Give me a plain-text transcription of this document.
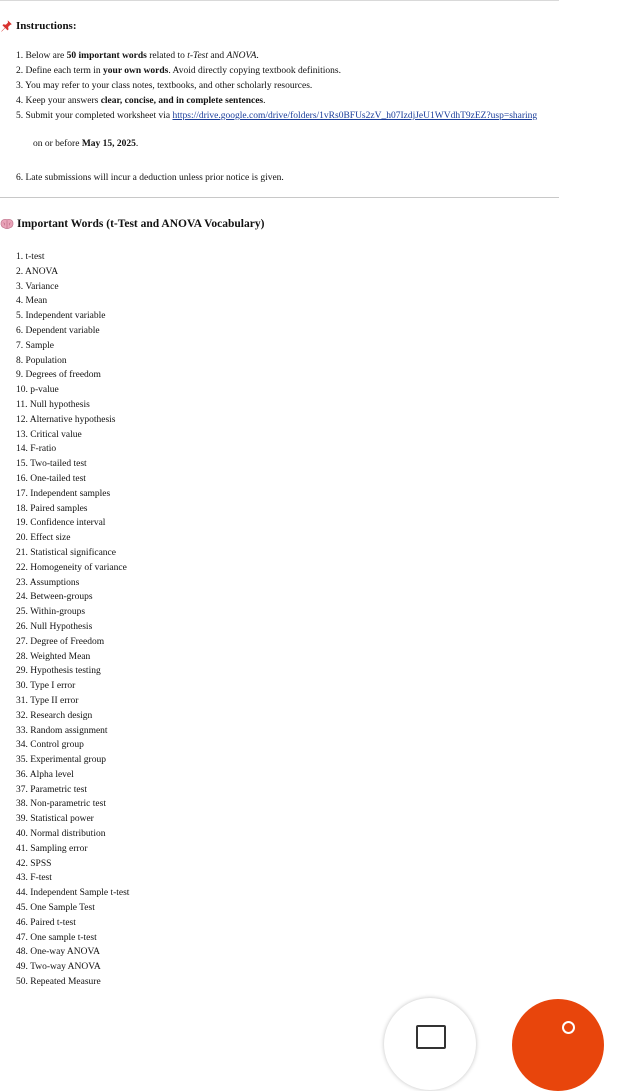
Instructions:
1. Below are 50 important words related to t-Test and ANOVA.
2. Define each term in your own words. Avoid directly copying textbook definitions.
3. You may refer to your class notes, textbooks, and other scholarly resources.
4. Keep your answers clear, concise, and in complete sentences.
5. Submit your completed worksheet via https://drive.google.com/drive/folders/1vRs0BFUs2zV_h07IzdjJeU1WVdhT9zEZ?usp=sharing
6. Late submissions will incur a deduction unless prior notice is given.
on or before May 15, 2025.
Important Words (t-Test and ANOVA Vocabulary)
1. t-test
2. ANOVA
3. Variance
4. Mean
5. Independent variable
6. Dependent variable
7. Sample
8. Population
9. Degrees of freedom
10. p-value
11. Null hypothesis
12. Alternative hypothesis
13. Critical value
14. F-ratio
15. Two-tailed test
16. One-tailed test
17. Independent samples
18. Paired samples
19. Confidence interval
20. Effect size
21. Statistical significance
22. Homogeneity of variance
23. Assumptions
24. Between-groups
25. Within-groups
26. Null Hypothesis
27. Degree of Freedom
28. Weighted Mean
29. Hypothesis testing
30. Type I error
31. Type II error
32. Research design
33. Random assignment
34. Control group
35. Experimental group
36. Alpha level
37. Parametric test
38. Non-parametric test
39. Statistical power
40. Normal distribution
41. Sampling error
42. SPSS
43. F-test
44. Independent Sample t-test
45. One Sample Test
46. Paired t-test
47. One sample t-test
48. One-way ANOVA
49. Two-way ANOVA
50. Repeated Measure
